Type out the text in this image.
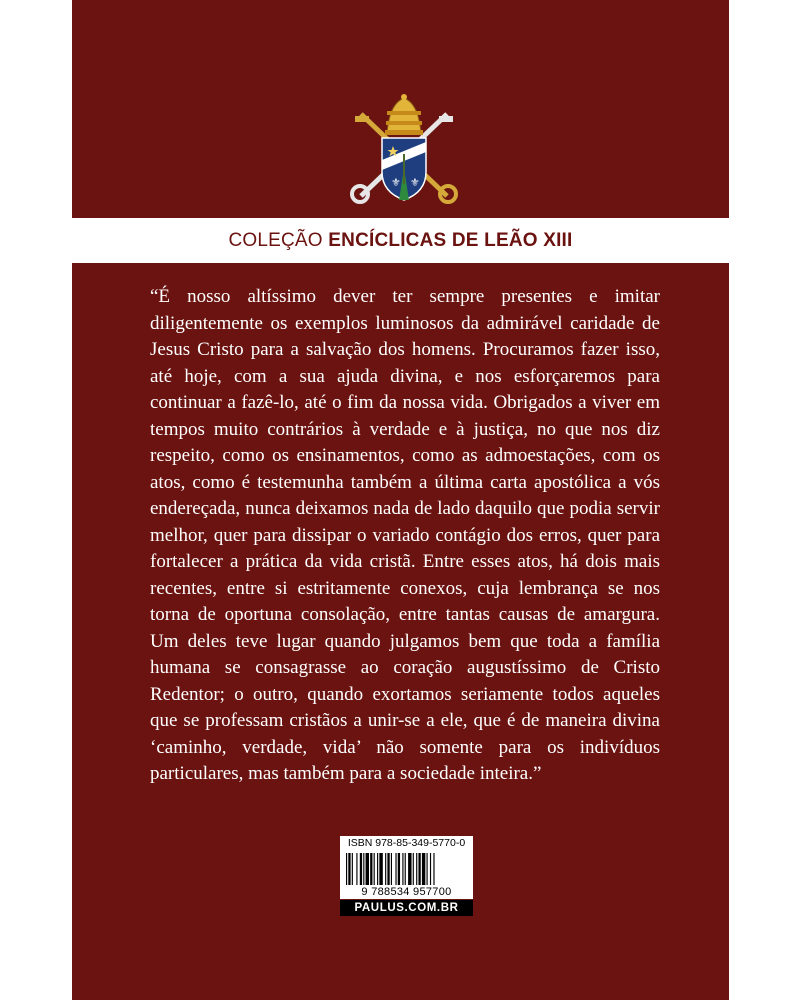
⚜ ⚜
COLEÇÃO ENCÍCLICAS DE LEÃO XIII

“É nosso altíssimo dever ter sempre presentes e imitar diligentemente os exemplos luminosos da admirável caridade de Jesus Cristo para a salvação dos homens. Procuramos fazer isso, até hoje, com a sua ajuda divina, e nos esforçaremos para continuar a fazê-lo, até o fim da nossa vida. Obrigados a viver em tempos muito contrários à verdade e à justiça, no que nos diz respeito, como os ensinamentos, como as admoestações, com os atos, como é testemunha também a última carta apostólica a vós endereçada, nunca deixamos nada de lado daquilo que podia servir melhor, quer para dissipar o variado contágio dos erros, quer para fortalecer a prática da vida cristã. Entre esses atos, há dois mais recentes, entre si estritamente conexos, cuja lembrança se nos torna de oportuna consolação, entre tantas causas de amargura. Um deles teve lugar quando julgamos bem que toda a família humana se consagrasse ao coração augustíssimo de Cristo Redentor; o outro, quando exortamos seriamente todos aqueles que se professam cristãos a unir-se a ele, que é de maneira divina ‘caminho, verdade, vida’ não somente para os indivíduos particulares, mas também para a sociedade inteira.”

ISBN 978-85-349-5770-0
9 788534 957700
PAULUS.COM.BR
